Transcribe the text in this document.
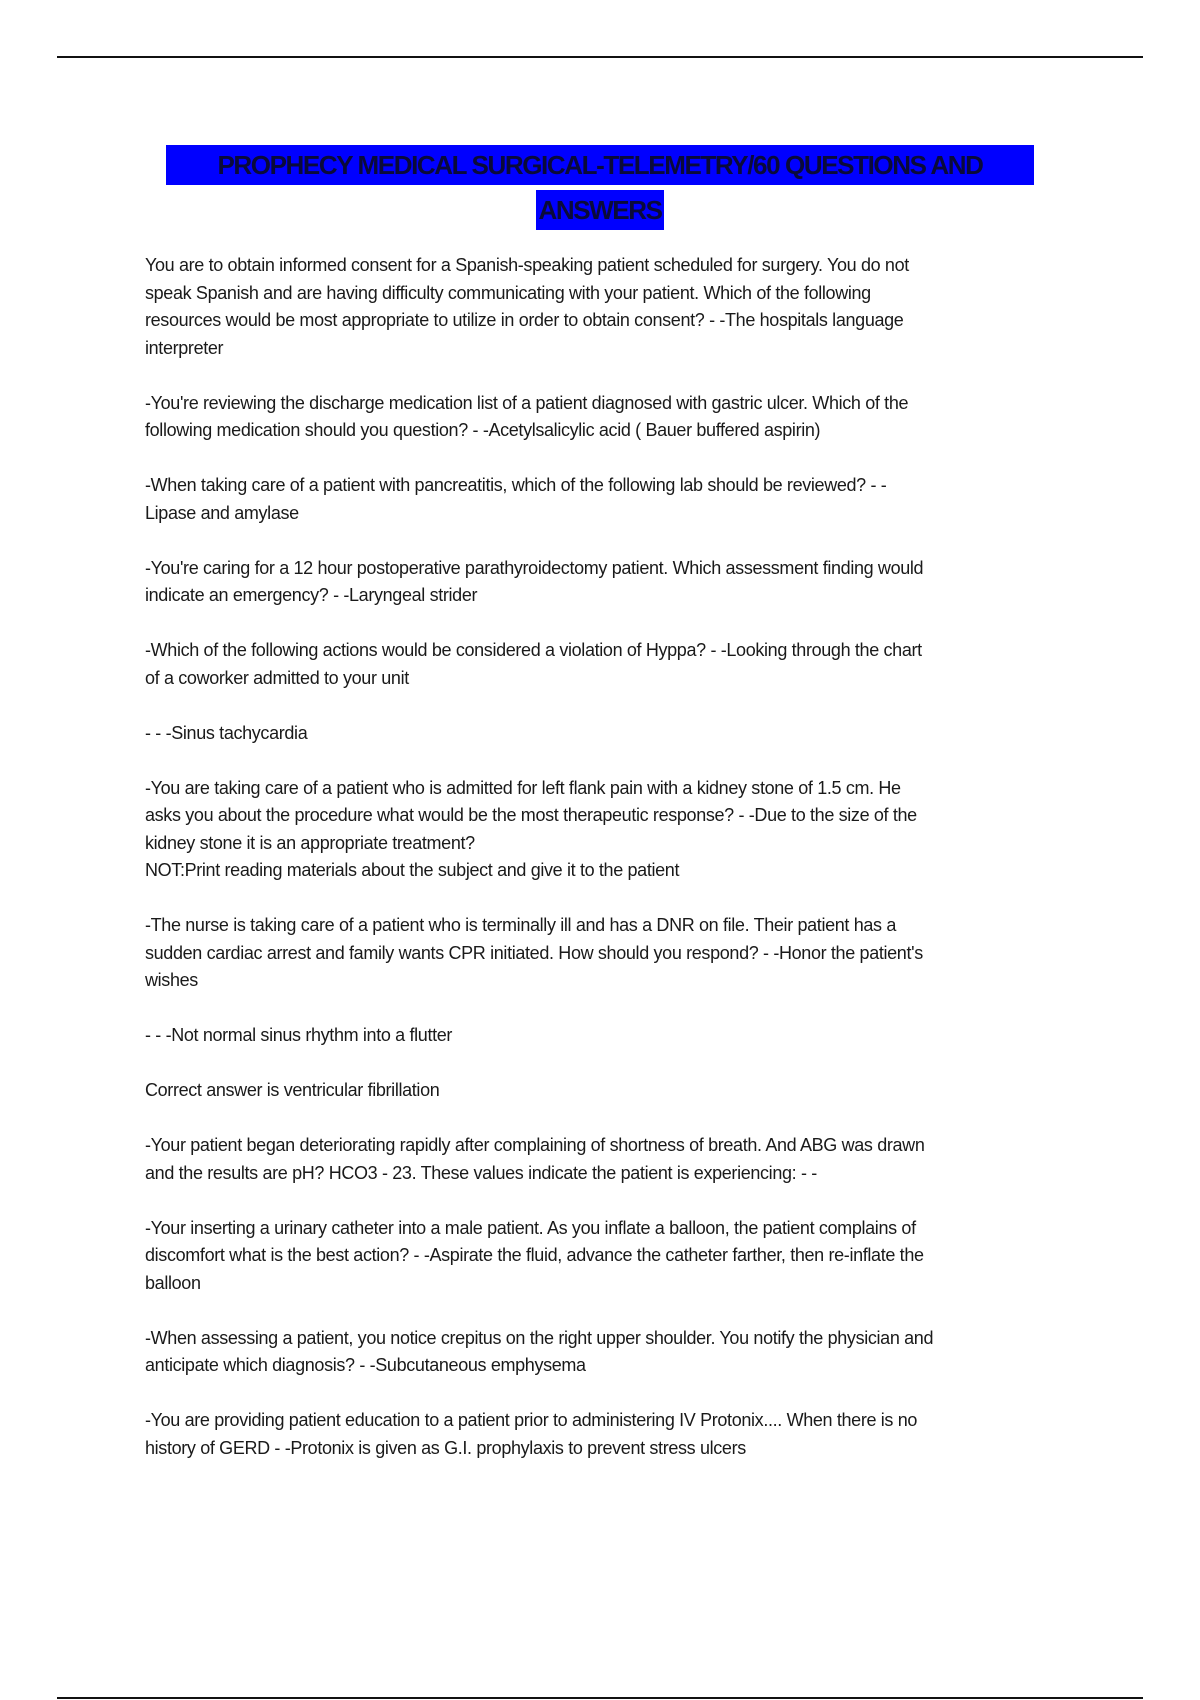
PROPHECY MEDICAL SURGICAL-TELEMETRY/60 QUESTIONS AND
ANSWERS

You are to obtain informed consent for a Spanish-speaking patient scheduled for surgery. You do not
speak Spanish and are having difficulty communicating with your patient. Which of the following
resources would be most appropriate to utilize in order to obtain consent? - -The hospitals language
interpreter

-You're reviewing the discharge medication list of a patient diagnosed with gastric ulcer. Which of the
following medication should you question? - -Acetylsalicylic acid ( Bauer buffered aspirin)

-When taking care of a patient with pancreatitis, which of the following lab should be reviewed? - -
Lipase and amylase

-You're caring for a 12 hour postoperative parathyroidectomy patient. Which assessment finding would
indicate an emergency? - -Laryngeal strider

-Which of the following actions would be considered a violation of Hyppa? - -Looking through the chart
of a coworker admitted to your unit

- - -Sinus tachycardia

-You are taking care of a patient who is admitted for left flank pain with a kidney stone of 1.5 cm. He
asks you about the procedure what would be the most therapeutic response? - -Due to the size of the
kidney stone it is an appropriate treatment?
NOT:Print reading materials about the subject and give it to the patient

-The nurse is taking care of a patient who is terminally ill and has a DNR on file. Their patient has a
sudden cardiac arrest and family wants CPR initiated. How should you respond? - -Honor the patient's
wishes

- - -Not normal sinus rhythm into a flutter

Correct answer is ventricular fibrillation

-Your patient began deteriorating rapidly after complaining of shortness of breath. And ABG was drawn
and the results are pH? HCO3 - 23. These values indicate the patient is experiencing: - -

-Your inserting a urinary catheter into a male patient. As you inflate a balloon, the patient complains of
discomfort what is the best action? - -Aspirate the fluid, advance the catheter farther, then re-inflate the
balloon

-When assessing a patient, you notice crepitus on the right upper shoulder. You notify the physician and
anticipate which diagnosis? - -Subcutaneous emphysema

-You are providing patient education to a patient prior to administering IV Protonix.... When there is no
history of GERD - -Protonix is given as G.I. prophylaxis to prevent stress ulcers
